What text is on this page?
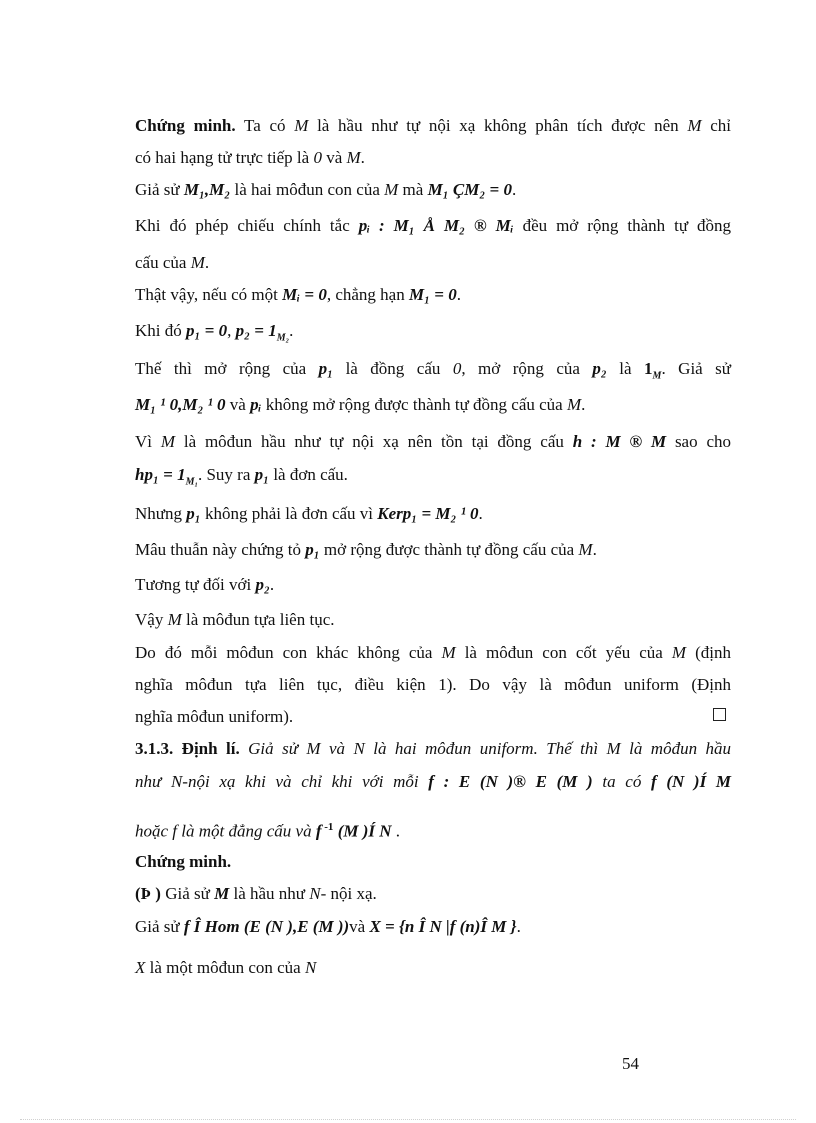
Chứng minh. Ta có M là hầu như tự nội xạ không phân tích được nên M chỉ
có hai hạng tử trực tiếp là 0 và M.
Giả sử M₁,M₂ là hai môđun con của M mà M₁ ÇM₂ = 0.
Khi đó phép chiếu chính tắc pᵢ : M₁ Å M₂ ® Mᵢ đều mở rộng thành tự đồng
cấu của M.
Thật vậy, nếu có một Mᵢ = 0, chẳng hạn M₁ = 0.
Khi đó p₁ = 0, $p_2 = 1_{M_2}$.
Thế thì mở rộng của p₁ là đồng cấu 0, mở rộng của p₂ là $1_M$. Giả sử
M₁ ¹ 0,M₂ ¹ 0 và pᵢ không mở rộng được thành tự đồng cấu của M.
Vì M là môđun hầu như tự nội xạ nên tồn tại đồng cấu h : M ® M sao cho
$hp_1 = 1_{M_1}$. Suy ra p₁ là đơn cấu.
Nhưng p₁ không phải là đơn cấu vì Kerp₁ = M₂ ¹ 0.
Mâu thuẫn này chứng tỏ p₁ mở rộng được thành tự đồng cấu của M.
Tương tự đối với p₂.
Vậy M là môđun tựa liên tục.
Do đó mỗi môđun con khác không của M là môđun con cốt yếu của M (định
nghĩa môđun tựa liên tục, điều kiện 1). Do vậy là môđun uniform (Định
nghĩa môđun uniform).
3.1.3. Định lí. Giả sử M và N là hai môđun uniform. Thế thì M là môđun hầu
như N-nội xạ khi và chỉ khi với mỗi f : E (N )® E (M ) ta có f (N )Í M
hoặc f là một đẳng cấu và f $^{-1}$ (M )Í N .
Chứng minh.
(Þ ) Giả sử M là hầu như N- nội xạ.
Giả sử f Î Hom (E (N ),E (M ))và X = {n Î N |f (n)Î M }.
X là một môđun con của N
54
